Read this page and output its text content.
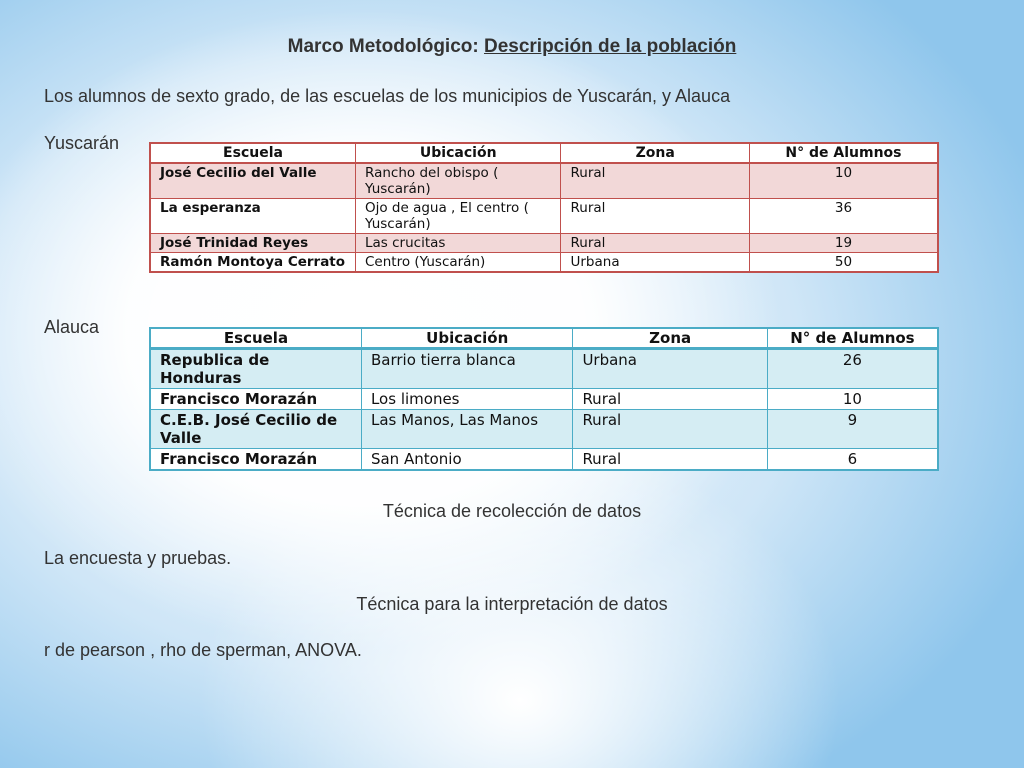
Marco Metodológico: Descripción de la población

Los alumnos de sexto grado, de las escuelas de los municipios de Yuscarán, y Alauca

Yuscarán	Escuela	Ubicación	Zona	N° de Alumnos
José Cecilio del Valle	Rancho del obispo ( Yuscarán)	Rural	10
La esperanza	Ojo de agua , El centro ( Yuscarán)	Rural	36
José Trinidad Reyes	Las crucitas	Rural	19
Ramón Montoya Cerrato	Centro (Yuscarán)	Urbana	50

Alauca

Escuela	Ubicación	Zona	N° de Alumnos
Republica de Honduras	Barrio tierra blanca	Urbana	26
Francisco Morazán	Los limones	Rural	10
C.E.B. José Cecilio de Valle	Las Manos, Las Manos	Rural	9
Francisco Morazán	San Antonio	Rural	6

Técnica de recolección de datos

La encuesta y pruebas.

Técnica para la interpretación de datos

r de pearson , rho de sperman, ANOVA.
